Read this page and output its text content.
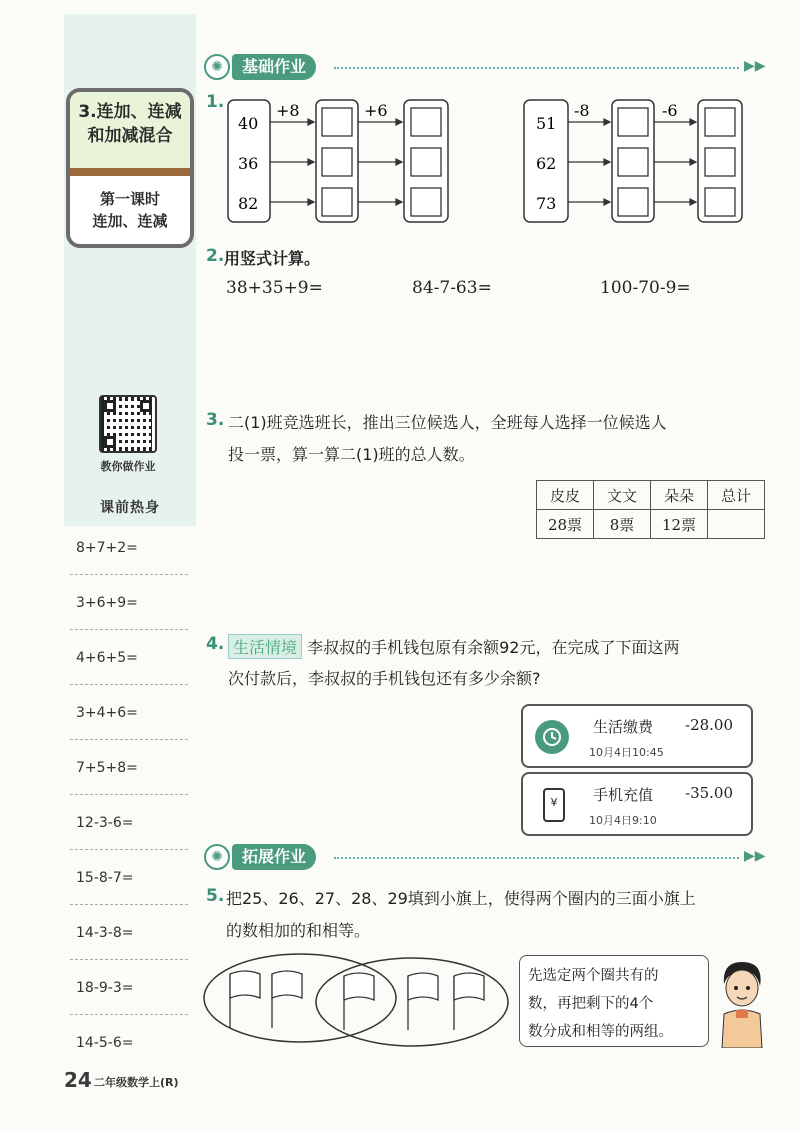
3.连加、连减
和加减混合
第一课时
连加、连减
教你做作业
课前热身
8+7+2=
3+6+9=
4+6+5=
3+4+6=
7+5+8=
12-3-6=
15-8-7=
14-3-8=
18-9-3=
14-5-6=
✺	基础作业	▶▶
1.
40
36
82
+8	+6
51
62
73
-8	-6
2. 用竖式计算。
38+35+9=	84-7-63=	100-70-9=
3. 二(1)班竞选班长，推出三位候选人，全班每人选择一位候选人
投一票，算一算二(1)班的总人数。
皮皮	文文	朵朵	总计
28票	8票	12票	
4. 生活情境 李叔叔的手机钱包原有余额92元，在完成了下面这两
次付款后，李叔叔的手机钱包还有多少余额?
生活缴费 -28.00
10月4日10:45
¥	手机充值 -35.00
10月4日9:10
✺	拓展作业	▶▶
5. 把25、26、27、28、29填到小旗上，使得两个圈内的三面小旗上
的数相加的和相等。
先选定两个圈共有的
数，再把剩下的4个
数分成和相等的两组。
24 二年级数学上(R)
